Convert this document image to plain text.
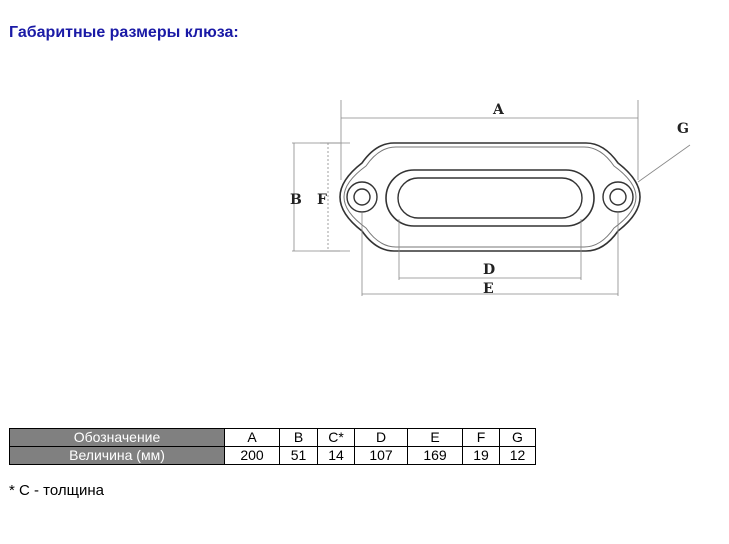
Габаритные размеры клюза:
A
B F
D
E
G
Обозначение	A	B	C*	D	E	F	G
Величина (мм)	200	51	14	107	169	19	12
* С - толщина
